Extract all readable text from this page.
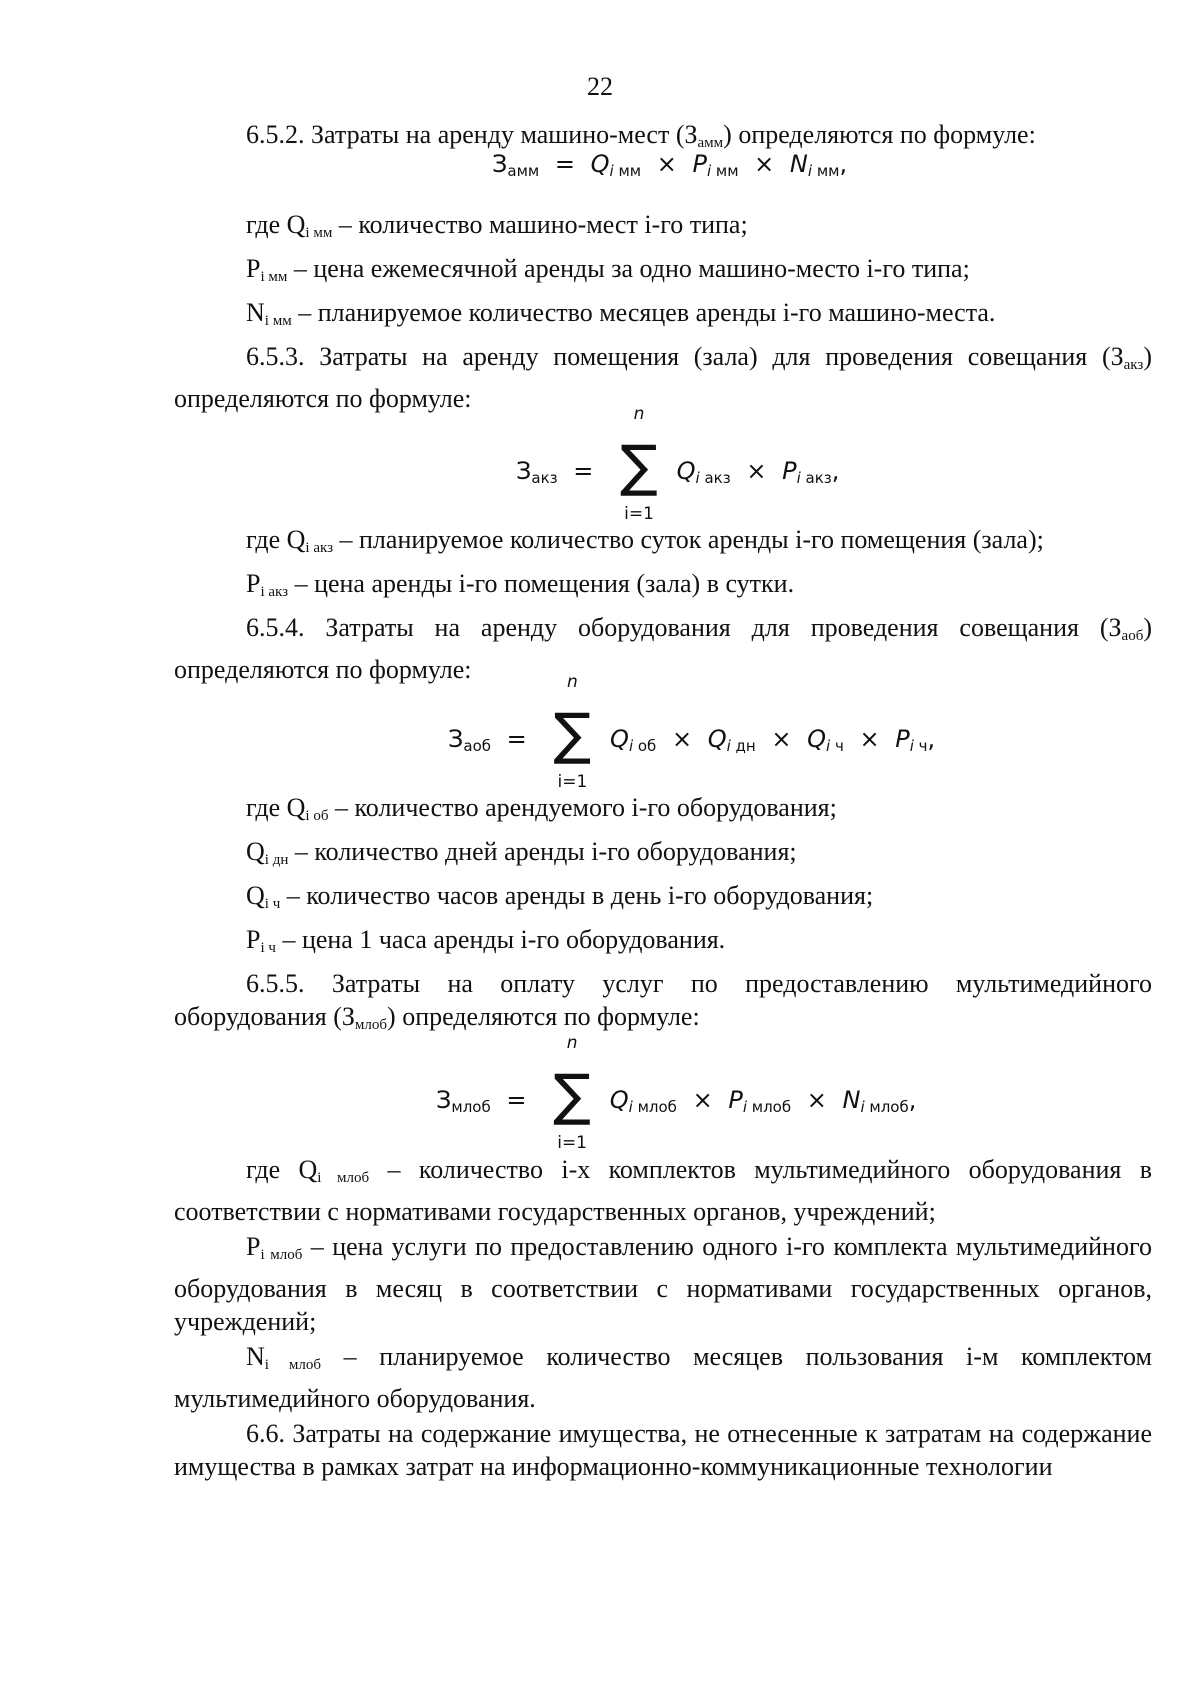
22
6.5.2. Затраты на аренду машино-мест $(З_{амм})$ определяются по формуле:
Замм = Qi мм × Pi мм × Ni мм,
где $Q_{i мм}$ – количество машино-мест i-го типа;
$P_{i мм}$ – цена ежемесячной аренды за одно машино-место i-го типа;
$N_{i мм}$ – планируемое количество месяцев аренды i-го машино-места.
6.5.3. Затраты на аренду помещения (зала) для проведения совещания $(З_{акз})$ определяются по формуле:
Закз =
n
∑
i=1
Qi акз × Pi акз,
где $Q_{i акз}$ – планируемое количество суток аренды i-го помещения (зала);
$P_{i акз}$ – цена аренды i-го помещения (зала) в сутки.
6.5.4. Затраты на аренду оборудования для проведения совещания $(З_{аоб})$ определяются по формуле:
Заоб =
n
∑
i=1
Qi об × Qi дн × Qi ч × Pi ч,
где $Q_{i об}$ – количество арендуемого i-го оборудования;
$Q_{i дн}$ – количество дней аренды i-го оборудования;
$Q_{i ч}$ – количество часов аренды в день i-го оборудования;
$P_{i ч}$ – цена 1 часа аренды i-го оборудования.
6.5.5. Затраты на оплату услуг по предоставлению мультимедийного оборудования $(З_{млоб})$ определяются по формуле:
Змлоб =
n
∑
i=1
Qi млоб × Pi млоб × Ni млоб,
где $Q_{i млоб}$ – количество i-х комплектов мультимедийного оборудования в соответствии с нормативами государственных органов, учреждений;
$P_{i млоб}$ – цена услуги по предоставлению одного i-го комплекта мультимедийного оборудования в месяц в соответствии с нормативами государственных органов, учреждений;
$N_{i млоб}$ – планируемое количество месяцев пользования i-м комплектом мультимедийного оборудования.
6.6. Затраты на содержание имущества, не отнесенные к затратам на содержание имущества в рамках затрат на информационно-коммуникационные технологии
